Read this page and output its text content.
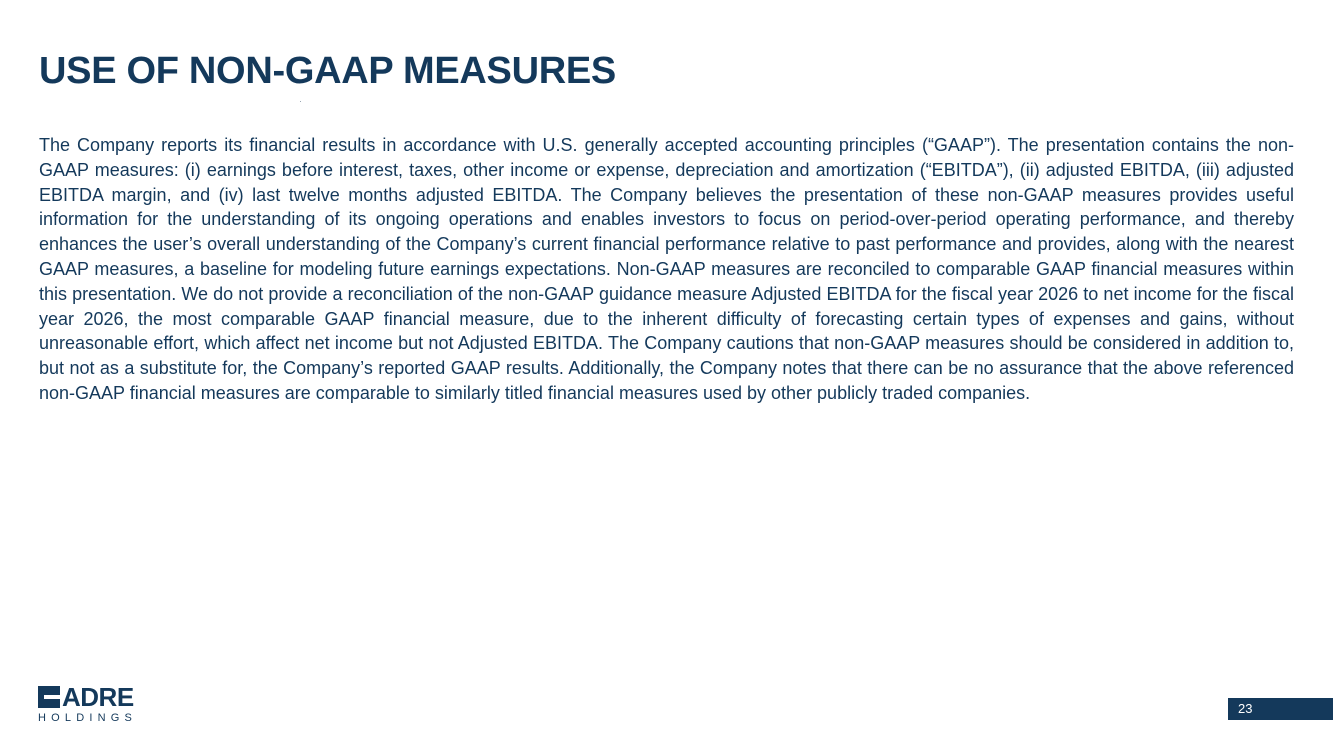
USE OF NON-GAAP MEASURES

The Company reports its financial results in accordance with U.S. generally accepted accounting principles (“GAAP”). The presentation contains the non-GAAP measures: (i) earnings before interest, taxes, other income or expense, depreciation and amortization (“EBITDA”), (ii) adjusted EBITDA, (iii) adjusted EBITDA margin, and (iv) last twelve months adjusted EBITDA. The Company believes the presentation of these non-GAAP measures provides useful information for the understanding of its ongoing operations and enables investors to focus on period-over-period operating performance, and thereby enhances the user’s overall understanding of the Company’s current financial performance relative to past performance and provides, along with the nearest GAAP measures, a baseline for modeling future earnings expectations. Non-GAAP measures are reconciled to comparable GAAP financial measures within this presentation. We do not provide a reconciliation of the non-GAAP guidance measure Adjusted EBITDA for the fiscal year 2026 to net income for the fiscal year 2026, the most comparable GAAP financial measure, due to the inherent difficulty of forecasting certain types of expenses and gains, without unreasonable effort, which affect net income but not Adjusted EBITDA. The Company cautions that non-GAAP measures should be considered in addition to, but not as a substitute for, the Company’s reported GAAP results. Additionally, the Company notes that there can be no assurance that the above referenced non-GAAP financial measures are comparable to similarly titled financial measures used by other publicly traded companies.

ADRE
HOLDINGS
23
